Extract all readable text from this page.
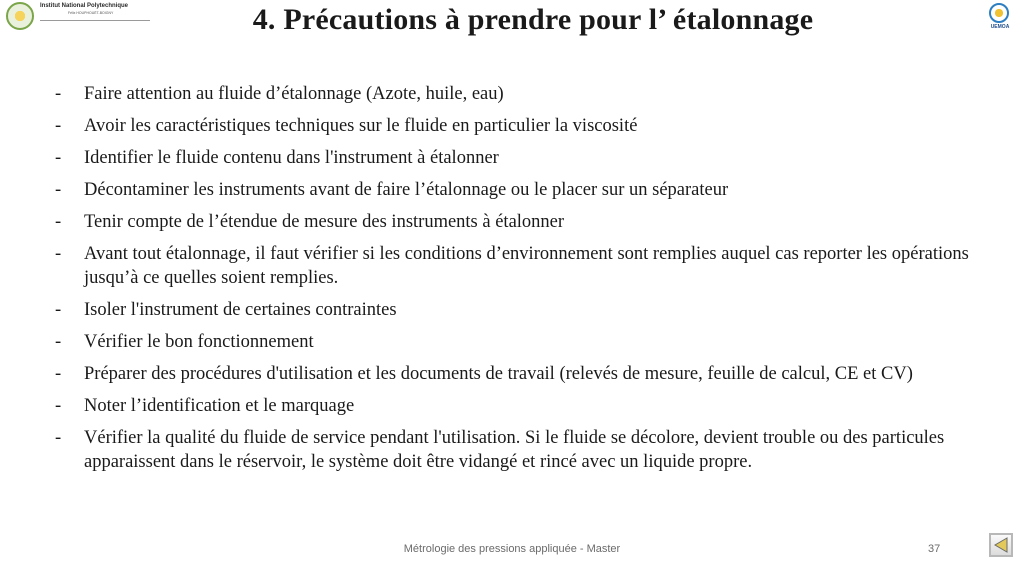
Institut National Polytechnique
Félix HOUPHOUËT-BOIGNY
UEMOA
4. Précautions à prendre pour l’ étalonnage
- Faire attention au fluide d’étalonnage (Azote, huile, eau)
- Avoir les caractéristiques techniques sur le fluide en particulier la viscosité
- Identifier le fluide contenu dans l'instrument à étalonner
- Décontaminer les instruments avant de faire l’étalonnage ou le placer sur un séparateur
- Tenir compte de l’étendue de mesure des instruments à étalonner
- Avant tout étalonnage, il faut vérifier si les conditions d’environnement sont remplies auquel cas reporter les opérations jusqu’à ce quelles soient remplies.
- Isoler l'instrument de certaines contraintes
- Vérifier le bon fonctionnement
- Préparer des procédures d'utilisation et les documents de travail (relevés de mesure, feuille de calcul, CE et CV)
- Noter l’identification et le marquage
- Vérifier la qualité du fluide de service pendant l'utilisation. Si le fluide se décolore, devient trouble ou des particules apparaissent dans le réservoir, le système doit être vidangé et rincé avec un liquide propre.
Métrologie des pressions appliquée - Master	37
